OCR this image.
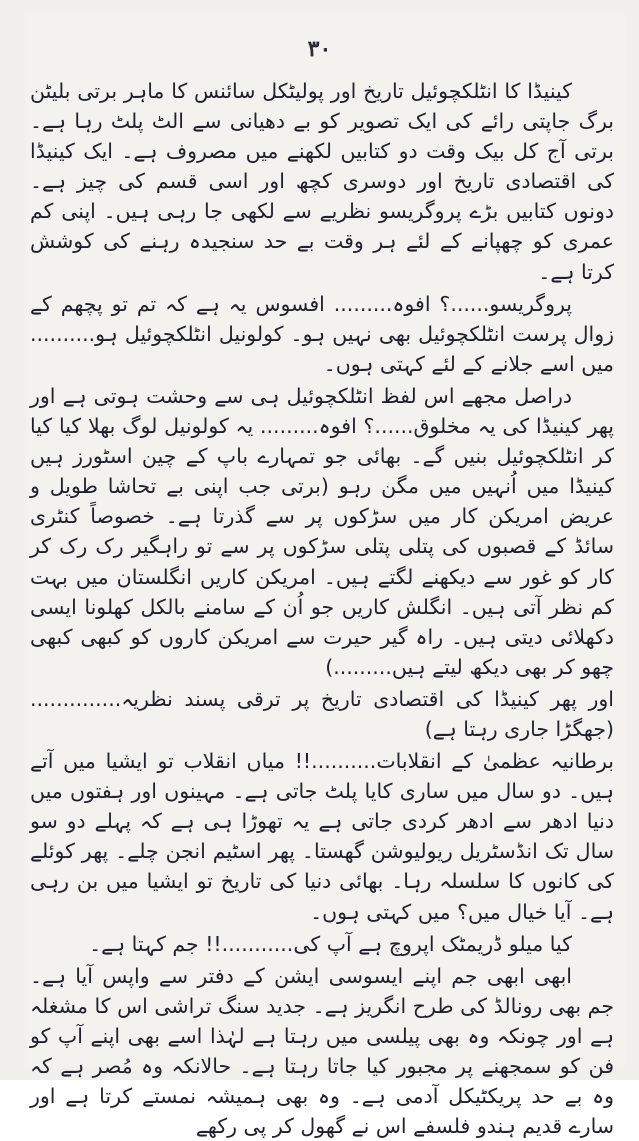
۳۰

کینیڈا کا انٹلکچوئیل تاریخ اور پولیٹکل سائنس کا ماہر برتی بلیٹن برگ جاپتی رائے کی ایک تصویر کو بے دھیانی سے الٹ پلٹ رہا ہے۔ برتی آج کل بیک وقت دو کتابیں لکھنے میں مصروف ہے۔ ایک کینیڈا کی اقتصادی تاریخ اور دوسری کچھ اور اسی قسم کی چیز ہے۔ دونوں کتابیں بڑے پروگریسو نظریے سے لکھی جا رہی ہیں۔ اپنی کم عمری کو چھپانے کے لئے ہر وقت بے حد سنجیدہ رہنے کی کوشش کرتا ہے۔

پروگریسو......؟ افوہ......... افسوس یہ ہے کہ تم تو پچھم کے زوال پرست انٹلکچوئیل بھی نہیں ہو۔ کولونیل انٹلکچوئیل ہو.......... میں اسے جلانے کے لئے کہتی ہوں۔

دراصل مجھے اس لفظ انٹلکچوئیل ہی سے وحشت ہوتی ہے اور پھر کینیڈا کی یہ مخلوق......؟ افوہ......... یہ کولونیل لوگ بھلا کیا کیا کر انٹلکچوئیل بنیں گے۔ بھائی جو تمہارے باپ کے چین اسٹورز ہیں کینیڈا میں اُنہیں میں مگن رہو (برتی جب اپنی بے تحاشا طویل و عریض امریکن کار میں سڑکوں پر سے گذرتا ہے۔ خصوصاً کنٹری سائڈ کے قصبوں کی پتلی پتلی سڑکوں پر سے تو راہگیر رک رک کر کار کو غور سے دیکھنے لگتے ہیں۔ امریکن کاریں انگلستان میں بہت کم نظر آتی ہیں۔ انگلش کاریں جو اُن کے سامنے بالکل کھلونا ایسی دکھلائی دیتی ہیں۔ راہ گیر حیرت سے امریکن کاروں کو کبھی کبھی چھو کر بھی دیکھ لیتے ہیں.........)

اور پھر کینیڈا کی اقتصادی تاریخ پر ترقی پسند نظریہ.............. (جھگڑا جاری رہتا ہے)

برطانیہ عظمیٰ کے انقلابات..........!! میاں انقلاب تو ایشیا میں آتے ہیں۔ دو سال میں ساری کایا پلٹ جاتی ہے۔ مہینوں اور ہفتوں میں دنیا ادھر سے ادھر کردی جاتی ہے یہ تھوڑا ہی ہے کہ پہلے دو سو سال تک انڈسٹریل ریولیوشن گھستا۔ پھر اسٹیم انجن چلے۔ پھر کوئلے کی کانوں کا سلسلہ رہا۔ بھائی دنیا کی تاریخ تو ایشیا میں بن رہی ہے۔ آیا خیال میں؟ میں کہتی ہوں۔

کیا میلو ڈریمٹک اپروچ ہے آپ کی...........!! جم کہتا ہے۔

ابھی ابھی جم اپنے ایسوسی ایشن کے دفتر سے واپس آیا ہے۔ جم بھی رونالڈ کی طرح انگریز ہے۔ جدید سنگ تراشی اس کا مشغلہ ہے اور چونکہ وہ بھی پیلسی میں رہتا ہے لہٰذا اسے بھی اپنے آپ کو فن کو سمجھنے پر مجبور کیا جاتا رہتا ہے۔ حالانکہ وہ مُصر ہے کہ وہ بے حد پریکٹیکل آدمی ہے۔ وہ بھی ہمیشہ نمستے کرتا ہے اور سارے قدیم ہندو فلسفے اس نے گھول کر پی رکھے
